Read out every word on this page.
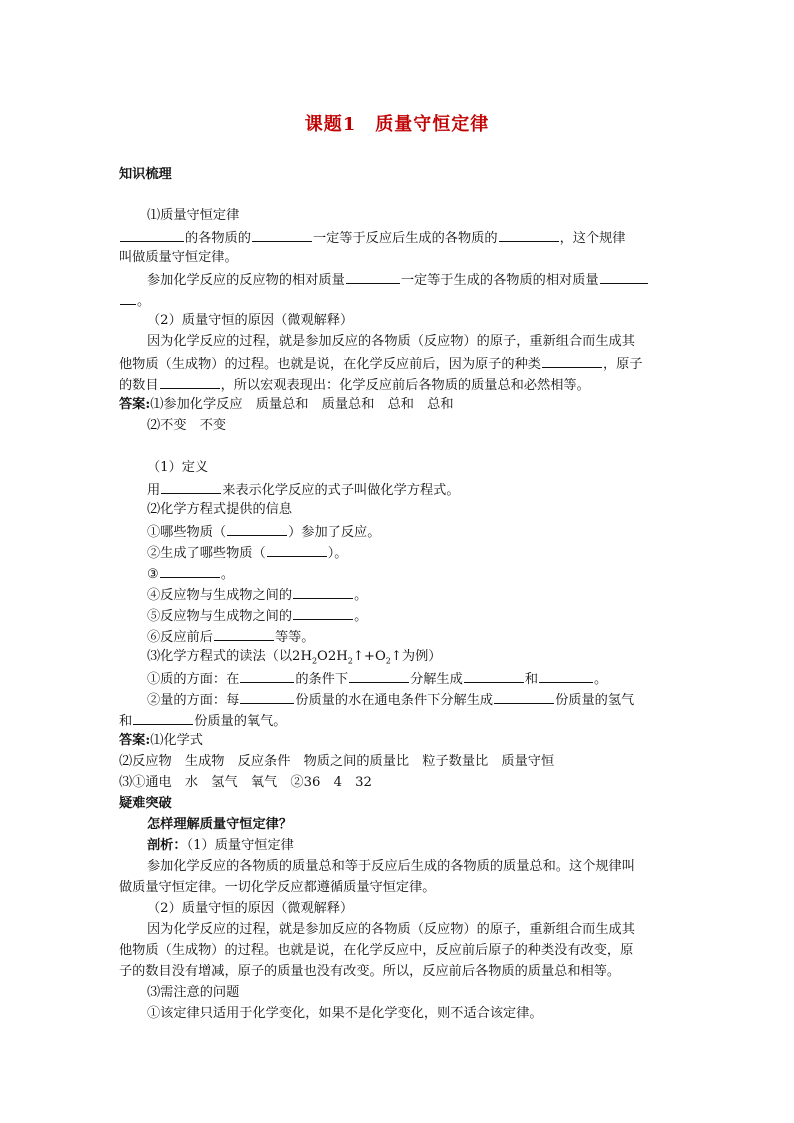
课题1　质量守恒定律
知识梳理
⑴质量守恒定律
的各物质的	一定等于反应后生成的各物质的	，这个规律
叫做质量守恒定律。
参加化学反应的反应物的相对质量	一定等于生成的各物质的相对质量
。
（2）质量守恒的原因（微观解释）
因为化学反应的过程，就是参加反应的各物质（反应物）的原子，重新组合而生成其
他物质（生成物）的过程。也就是说，在化学反应前后，因为原子的种类	，原子
的数目	，所以宏观表现出：化学反应前后各物质的质量总和必然相等。
答案:⑴参加化学反应　质量总和　质量总和　总和　总和
⑵不变　不变
（1）定义
用	来表示化学反应的式子叫做化学方程式。
⑵化学方程式提供的信息
①哪些物质（	）参加了反应。
②生成了哪些物质（	）。
③	。
④反应物与生成物之间的	。
⑤反应物与生成物之间的	。
⑥反应前后	等等。
⑶化学方程式的读法（以$2H_2O2H_2↑+O_2↑$为例）
①质的方面：在	的条件下	分解生成	和	。
②量的方面：每	份质量的水在通电条件下分解生成	份质量的氢气
和	份质量的氧气。
答案:⑴化学式
⑵反应物　生成物　反应条件　物质之间的质量比　粒子数量比　质量守恒
⑶①通电　水　氢气　氧气　②36　4　32
疑难突破
怎样理解质量守恒定律？
剖析：（1）质量守恒定律
参加化学反应的各物质的质量总和等于反应后生成的各物质的质量总和。这个规律叫
做质量守恒定律。一切化学反应都遵循质量守恒定律。
（2）质量守恒的原因（微观解释）
因为化学反应的过程，就是参加反应的各物质（反应物）的原子，重新组合而生成其
他物质（生成物）的过程。也就是说，在化学反应中，反应前后原子的种类没有改变，原
子的数目没有增减，原子的质量也没有改变。所以，反应前后各物质的质量总和相等。
⑶需注意的问题
①该定律只适用于化学变化，如果不是化学变化，则不适合该定律。
